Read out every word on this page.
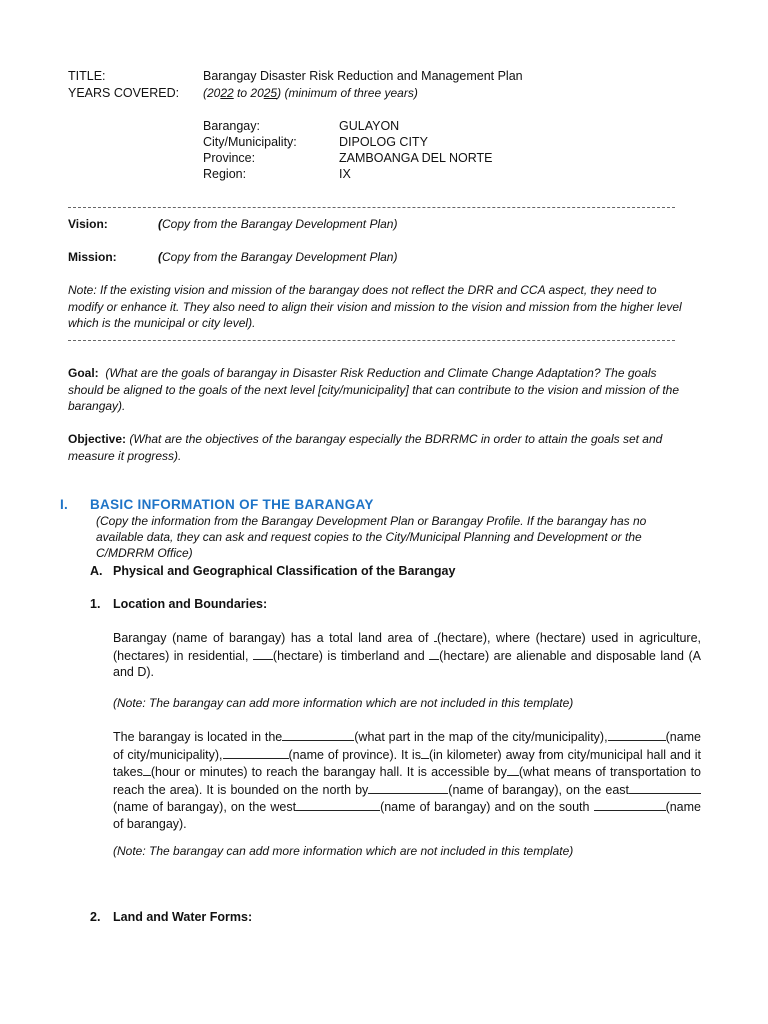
TITLE:	Barangay Disaster Risk Reduction and Management Plan
YEARS COVERED: (2022 to 2025) (minimum of three years)
Barangay:	GULAYON
City/Municipality:	DIPOLOG CITY
Province:	ZAMBOANGA DEL NORTE
Region:	IX
Vision:	(Copy from the Barangay Development Plan)
Mission:	(Copy from the Barangay Development Plan)
Note: If the existing vision and mission of the barangay does not reflect the DRR and CCA aspect, they need to modify or enhance it. They also need to align their vision and mission to the vision and mission from the higher level which is the municipal or city level).
Goal: (What are the goals of barangay in Disaster Risk Reduction and Climate Change Adaptation? The goals should be aligned to the goals of the next level [city/municipality] that can contribute to the vision and mission of the barangay).
Objective: (What are the objectives of the barangay especially the BDRRMC in order to attain the goals set and measure it progress).
I. BASIC INFORMATION OF THE BARANGAY
(Copy the information from the Barangay Development Plan or Barangay Profile. If the barangay has no available data, they can ask and request copies to the City/Municipal Planning and Development or the C/MDRRM Office)
A. Physical and Geographical Classification of the Barangay
1. Location and Boundaries:
Barangay (name of barangay) has a total land area of (hectare), where (hectare) used in agriculture, (hectares) in residential, (hectare) is timberland and (hectare) are alienable and disposable land (A and D).
(Note: The barangay can add more information which are not included in this template)
The barangay is located in the	(what part in the map of the city/municipality),	(name of city/municipality),	(name of province). It is (in kilometer) away from city/municipal hall and it takes (hour or minutes) to reach the barangay hall. It is accessible by (what means of transportation to reach the area). It is bounded on the north by	(name of barangay), on the east(name of barangay), on the west	(name of barangay) and on the south	(name of barangay).
(Note: The barangay can add more information which are not included in this template)
2. Land and Water Forms:
